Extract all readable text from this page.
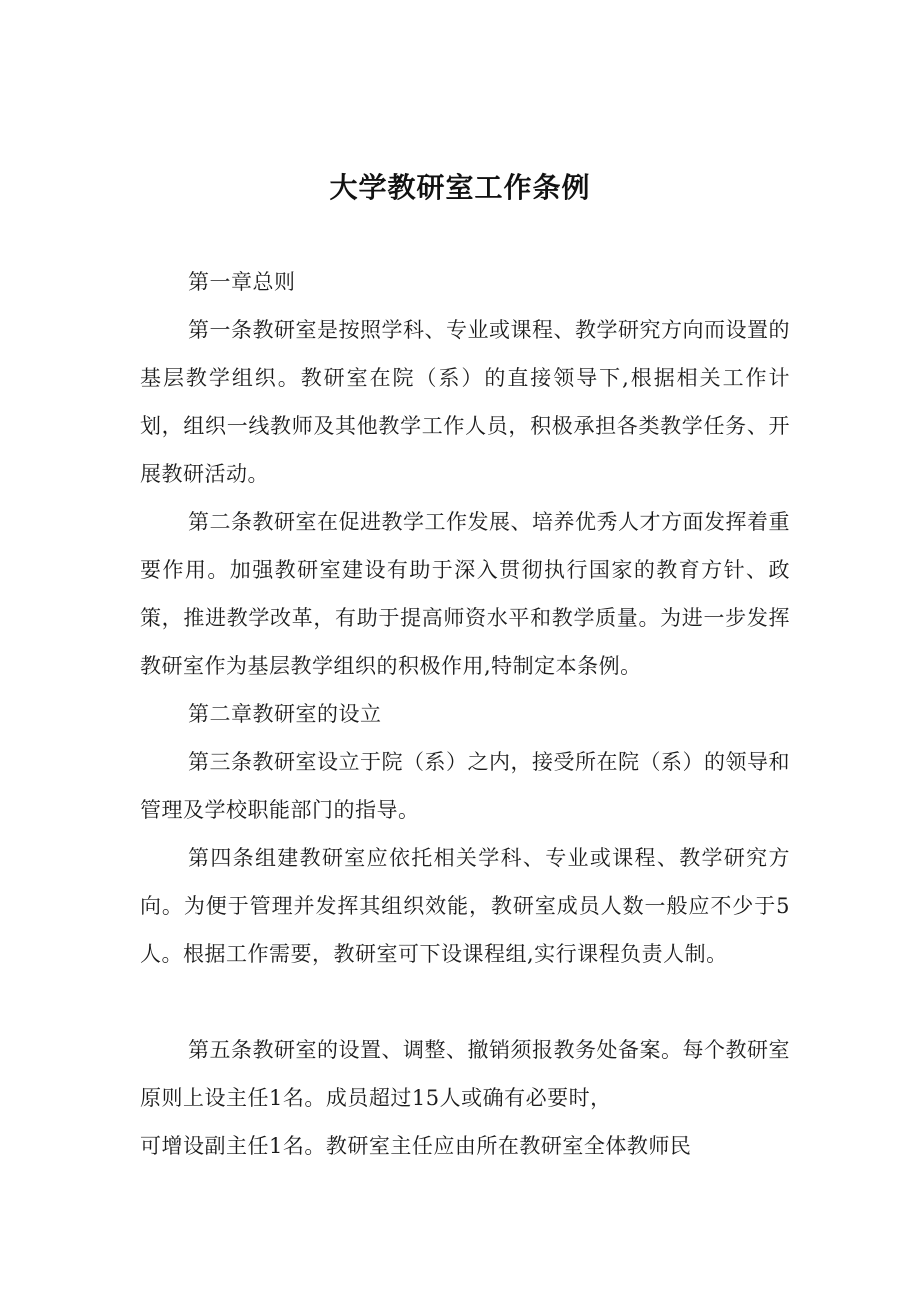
大学教研室工作条例

第一章总则

第一条教研室是按照学科、专业或课程、教学研究方向而设置的基层教学组织。教研室在院（系）的直接领导下,根据相关工作计划，组织一线教师及其他教学工作人员，积极承担各类教学任务、开展教研活动。

第二条教研室在促进教学工作发展、培养优秀人才方面发挥着重要作用。加强教研室建设有助于深入贯彻执行国家的教育方针、政策，推进教学改革，有助于提高师资水平和教学质量。为进一步发挥教研室作为基层教学组织的积极作用,特制定本条例。

第二章教研室的设立

第三条教研室设立于院（系）之内，接受所在院（系）的领导和管理及学校职能部门的指导。

第四条组建教研室应依托相关学科、专业或课程、教学研究方向。为便于管理并发挥其组织效能，教研室成员人数一般应不少于5人。根据工作需要，教研室可下设课程组,实行课程负责人制。

第五条教研室的设置、调整、撤销须报教务处备案。每个教研室原则上设主任1名。成员超过15人或确有必要时，

可增设副主任1名。教研室主任应由所在教研室全体教师民
